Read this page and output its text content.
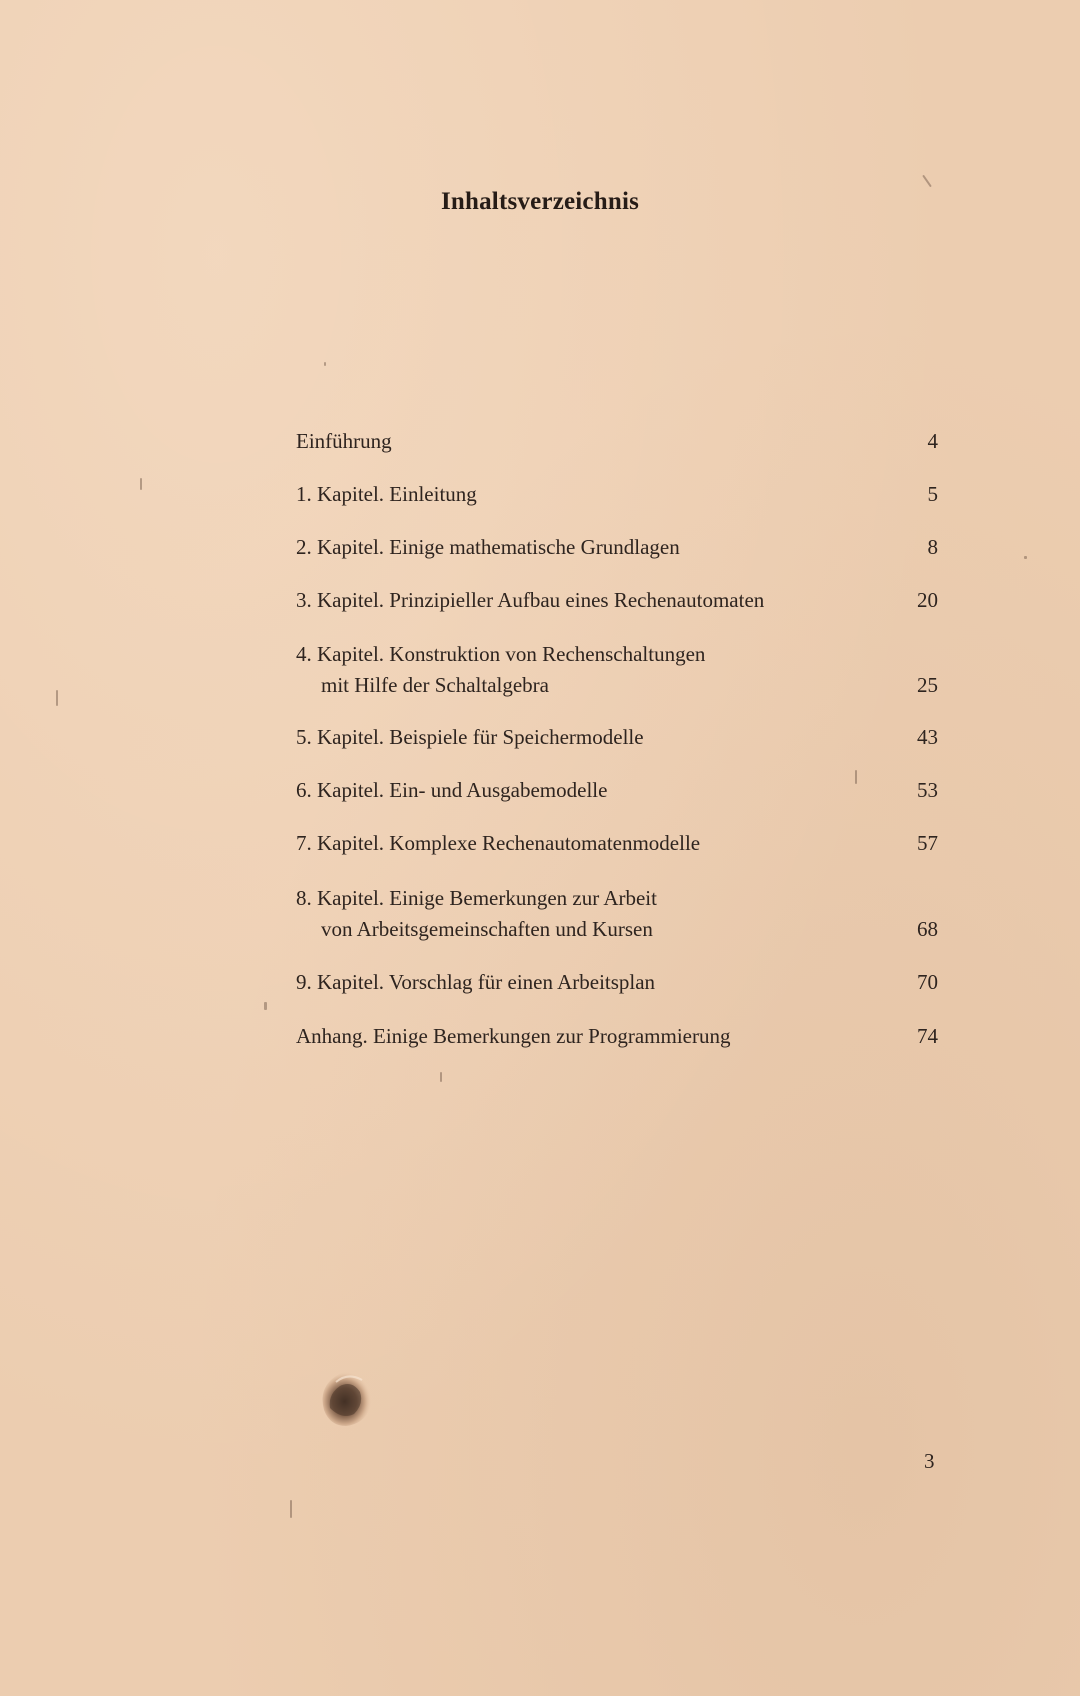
Inhaltsverzeichnis
Einführung	4
1. Kapitel. Einleitung	5
2. Kapitel. Einige mathematische Grundlagen	8
3. Kapitel. Prinzipieller Aufbau eines Rechenautomaten	20
4. Kapitel. Konstruktion von Rechenschaltungen
mit Hilfe der Schaltalgebra	25
5. Kapitel. Beispiele für Speichermodelle	43
6. Kapitel. Ein- und Ausgabemodelle	53
7. Kapitel. Komplexe Rechenautomatenmodelle	57
8. Kapitel. Einige Bemerkungen zur Arbeit
von Arbeitsgemeinschaften und Kursen	68
9. Kapitel. Vorschlag für einen Arbeitsplan	70
Anhang. Einige Bemerkungen zur Programmierung	74
3
